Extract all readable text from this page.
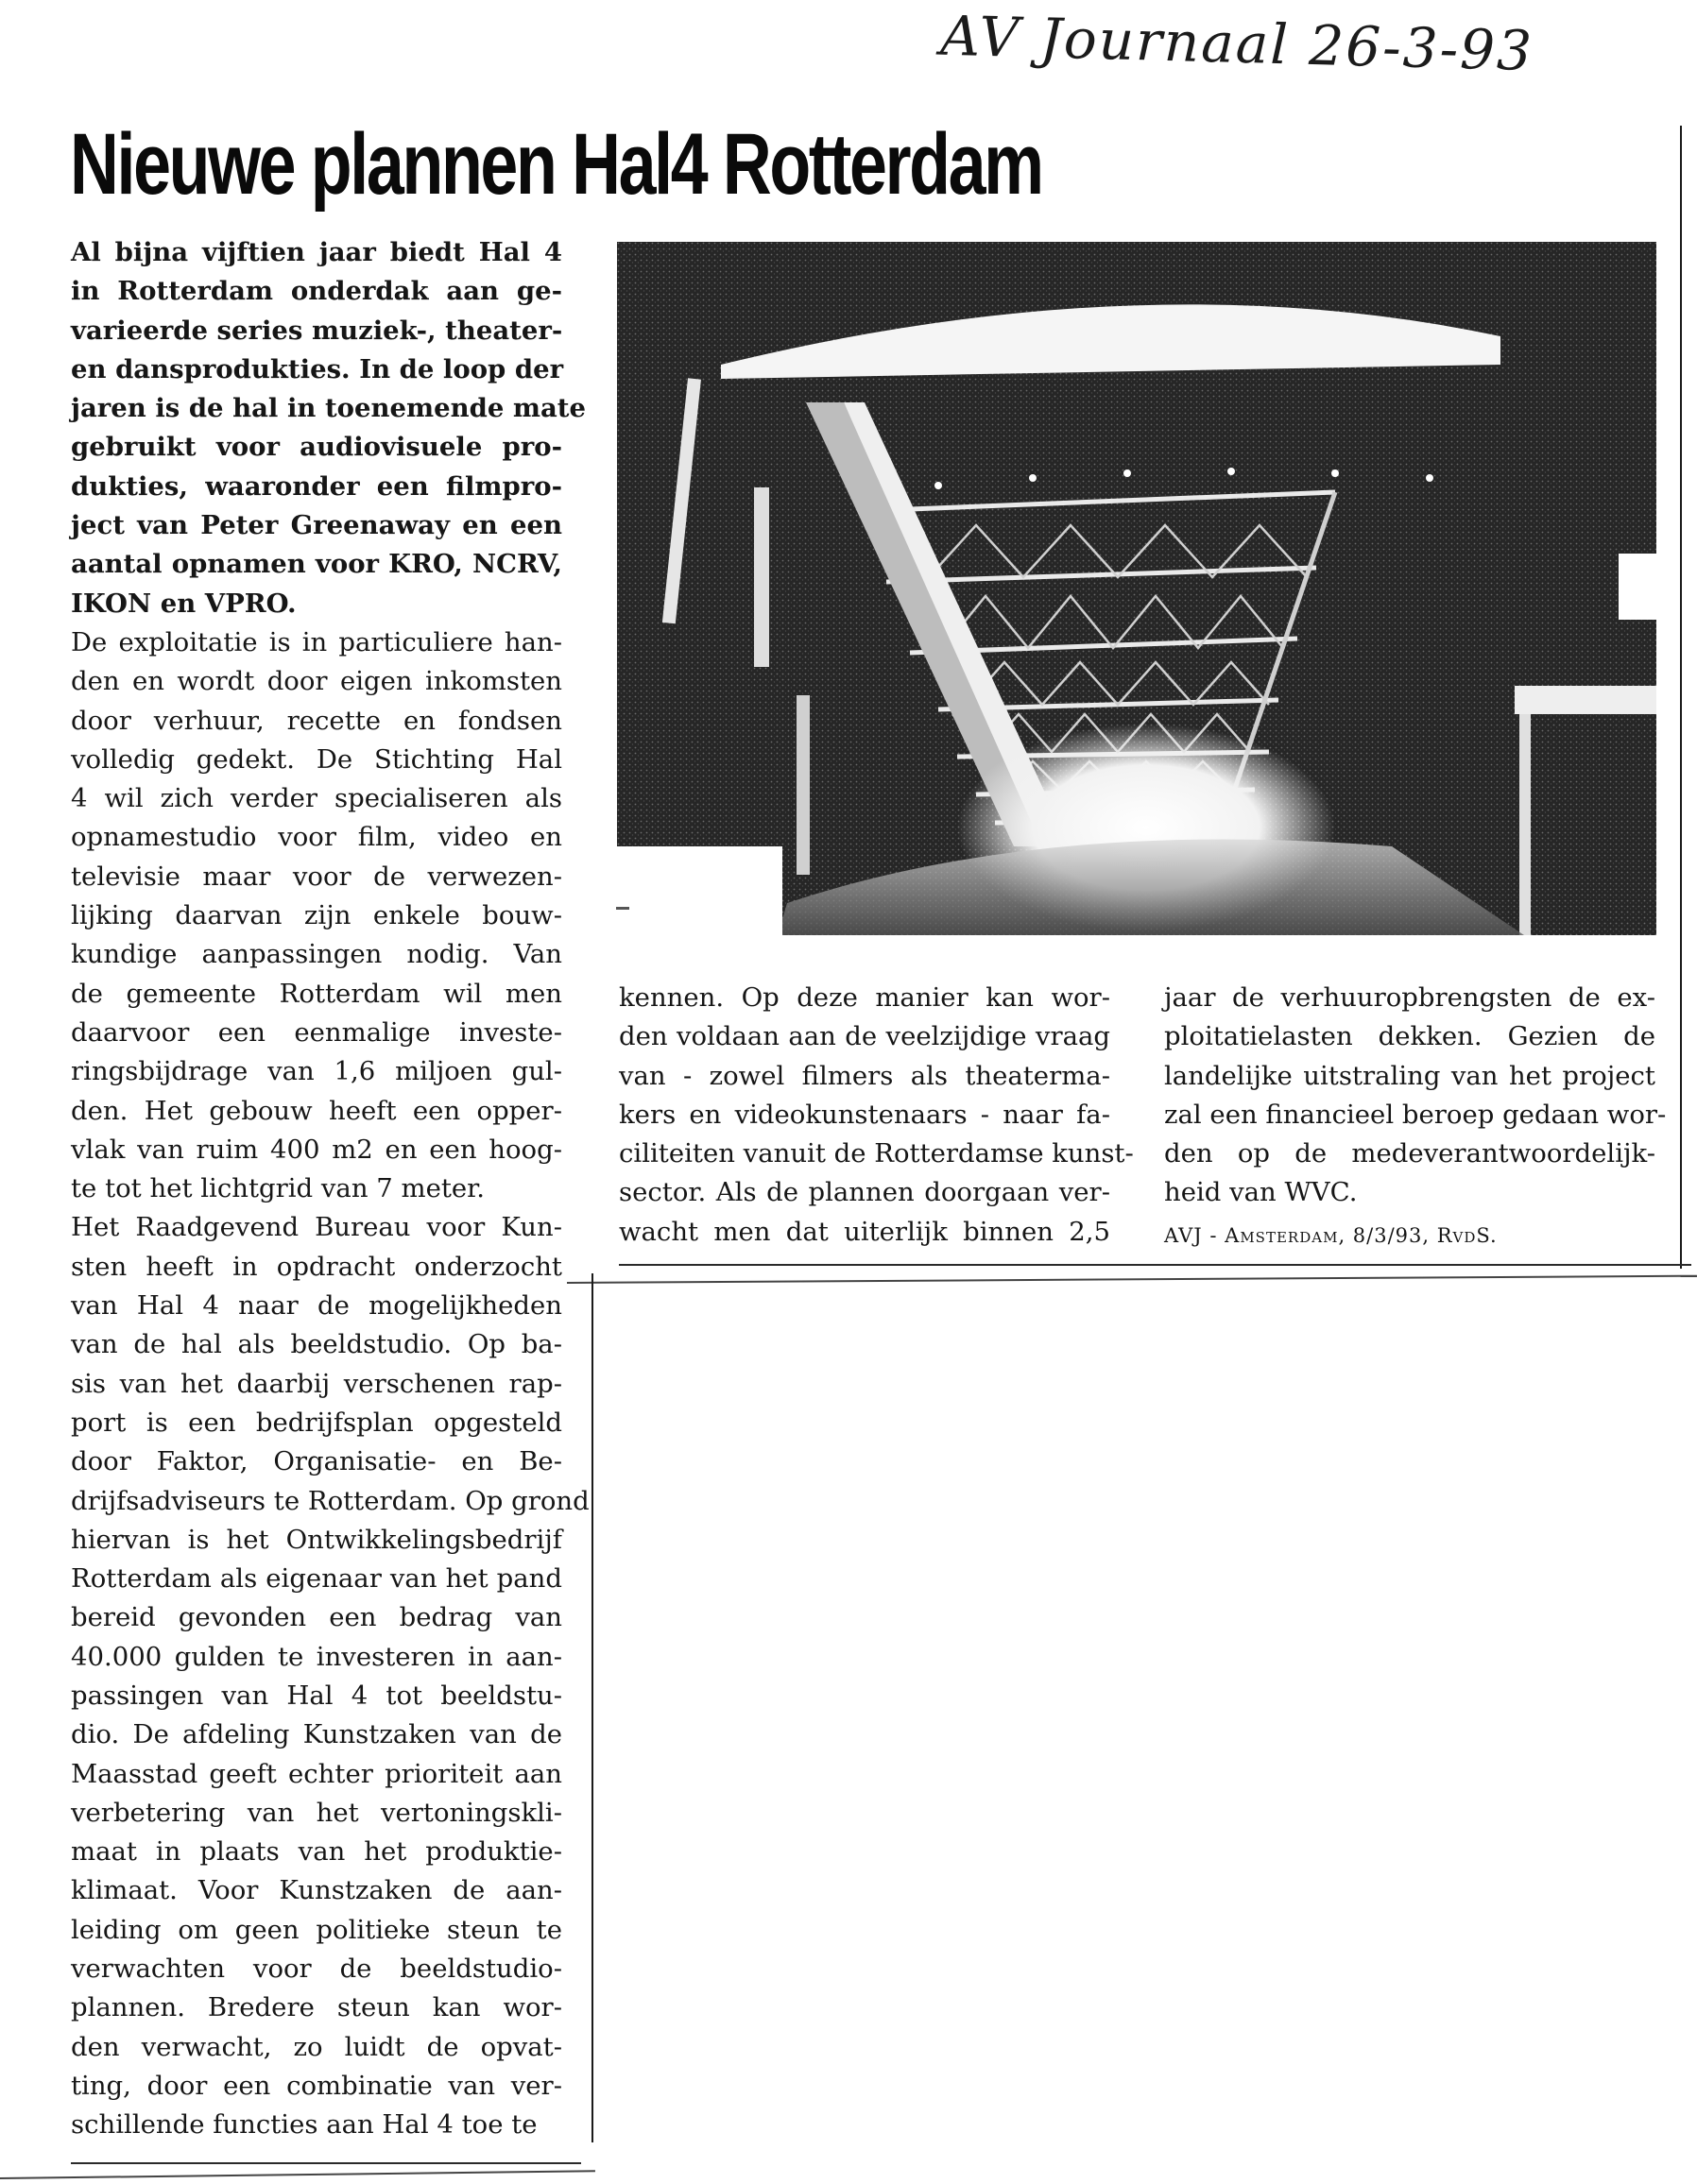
AV Journaal 26-3-93
Nieuwe plannen Hal4 Rotterdam
Al bijna vijftien jaar biedt Hal 4
in Rotterdam onderdak aan ge-
varieerde series muziek-, theater-
en dansprodukties. In de loop der
jaren is de hal in toenemende mate
gebruikt voor audiovisuele pro-
dukties, waaronder een filmpro-
ject van Peter Greenaway en een
aantal opnamen voor KRO, NCRV,
IKON en VPRO.
De exploitatie is in particuliere han-
den en wordt door eigen inkomsten
door verhuur, recette en fondsen
volledig gedekt. De Stichting Hal
4 wil zich verder specialiseren als
opnamestudio voor film, video en
televisie maar voor de verwezen-
lijking daarvan zijn enkele bouw-
kundige aanpassingen nodig. Van
de gemeente Rotterdam wil men
daarvoor een eenmalige investe-
ringsbijdrage van 1,6 miljoen gul-
den. Het gebouw heeft een opper-
vlak van ruim 400 m2 en een hoog-
te tot het lichtgrid van 7 meter.
Het Raadgevend Bureau voor Kun-
sten heeft in opdracht onderzocht
van Hal 4 naar de mogelijkheden
van de hal als beeldstudio. Op ba-
sis van het daarbij verschenen rap-
port is een bedrijfsplan opgesteld
door Faktor, Organisatie- en Be-
drijfsadviseurs te Rotterdam. Op grond
hiervan is het Ontwikkelingsbedrijf
Rotterdam als eigenaar van het pand
bereid gevonden een bedrag van
40.000 gulden te investeren in aan-
passingen van Hal 4 tot beeldstu-
dio. De afdeling Kunstzaken van de
Maasstad geeft echter prioriteit aan
verbetering van het vertoningskli-
maat in plaats van het produktie-
klimaat. Voor Kunstzaken de aan-
leiding om geen politieke steun te
verwachten voor de beeldstudio-
plannen. Bredere steun kan wor-
den verwacht, zo luidt de opvat-
ting, door een combinatie van ver-
schillende functies aan Hal 4 toe te
kennen. Op deze manier kan wor-
den voldaan aan de veelzijdige vraag
van - zowel filmers als theaterma-
kers en videokunstenaars - naar fa-
ciliteiten vanuit de Rotterdamse kunst-
sector. Als de plannen doorgaan ver-
wacht men dat uiterlijk binnen 2,5
jaar de verhuuropbrengsten de ex-
ploitatielasten dekken. Gezien de
landelijke uitstraling van het project
zal een financieel beroep gedaan wor-
den op de medeverantwoordelijk-
heid van WVC.
AVJ - Amsterdam, 8/3/93, RvdS.
